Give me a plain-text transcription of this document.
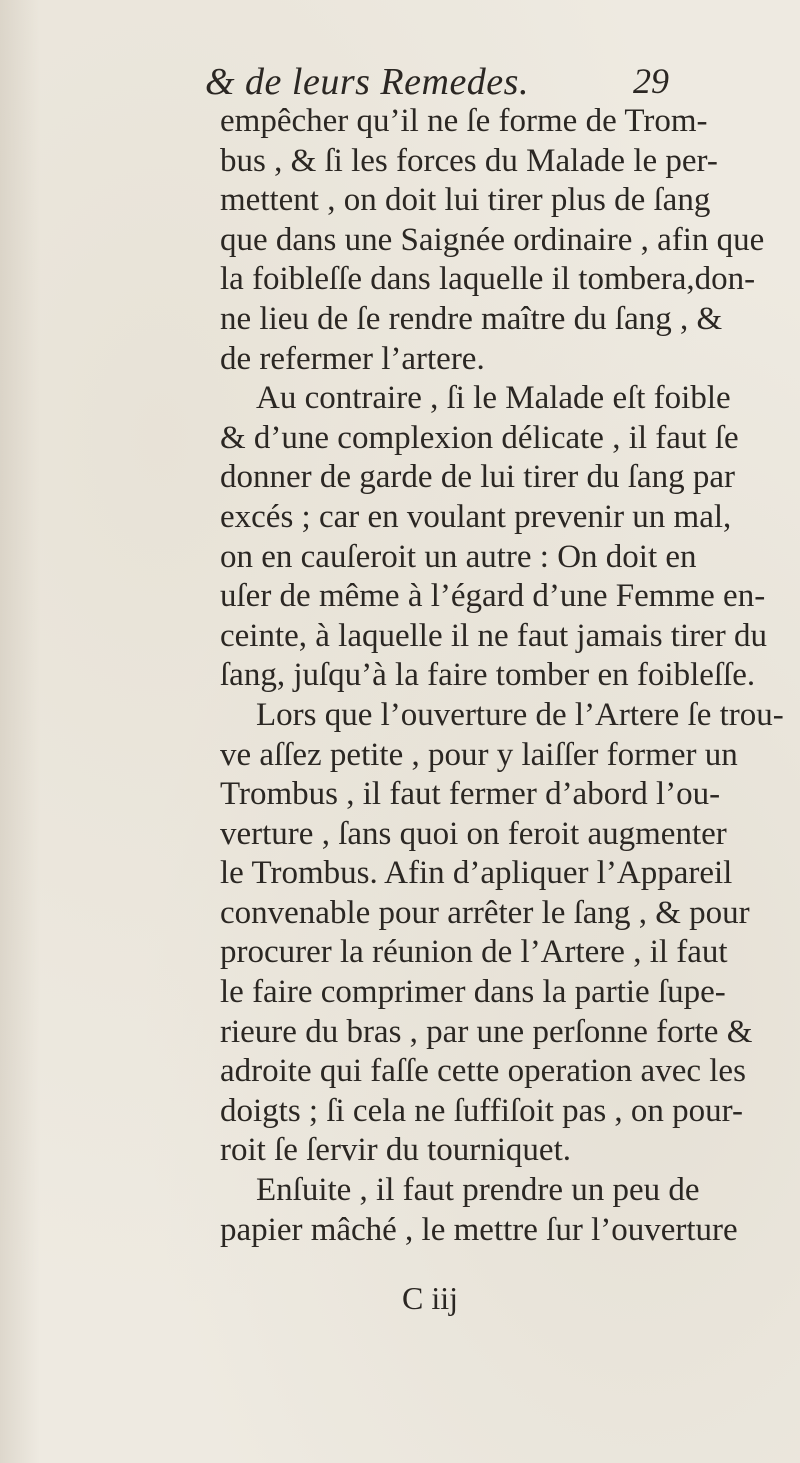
& de leurs Remedes.	29
empêcher qu’il ne ſe forme de Trom-
bus , & ſi les forces du Malade le per-
mettent , on doit lui tirer plus de ſang
que dans une Saignée ordinaire , afin que
la foibleſſe dans laquelle il tombera,don-
ne lieu de ſe rendre maître du ſang , &
de refermer l’artere.
Au contraire , ſi le Malade eſt foible
& d’une complexion délicate , il faut ſe
donner de garde de lui tirer du ſang par
excés ; car en voulant prevenir un mal,
on en cauſeroit un autre : On doit en
uſer de même à l’égard d’une Femme en-
ceinte, à laquelle il ne faut jamais tirer du
ſang, juſqu’à la faire tomber en foibleſſe.
Lors que l’ouverture de l’Artere ſe trou-
ve aſſez petite , pour y laiſſer former un
Trombus , il faut fermer d’abord l’ou-
verture , ſans quoi on feroit augmenter
le Trombus. Afin d’apliquer l’Appareil
convenable pour arrêter le ſang , & pour
procurer la réunion de l’Artere , il faut
le faire comprimer dans la partie ſupe-
rieure du bras , par une perſonne forte &
adroite qui faſſe cette operation avec les
doigts ; ſi cela ne ſuffiſoit pas , on pour-
roit ſe ſervir du tourniquet.
Enſuite , il faut prendre un peu de
papier mâché , le mettre ſur l’ouverture
C iij
